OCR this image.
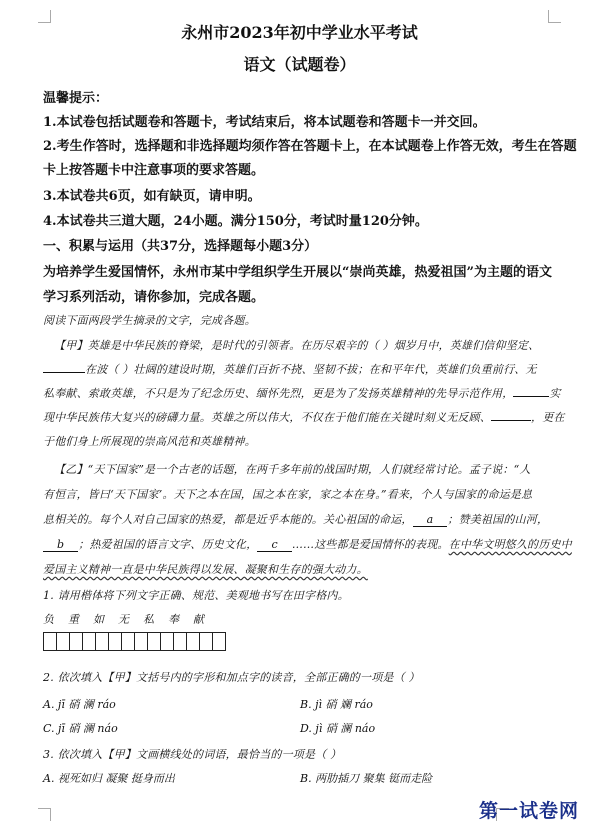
永州市2023年初中学业水平考试
语文（试题卷）
温馨提示：
1.本试卷包括试题卷和答题卡，考试结束后，将本试题卷和答题卡一并交回。
2.考生作答时，选择题和非选择题均须作答在答题卡上，在本试题卷上作答无效，考生在答题
卡上按答题卡中注意事项的要求答题。
3.本试卷共6页，如有缺页，请申明。
4.本试卷共三道大题，24小题。满分150分，考试时量120分钟。
一、积累与运用（共37分，选择题每小题3分）
为培养学生爱国情怀，永州市某中学组织学生开展以“崇尚英雄，热爱祖国”为主题的语文
学习系列活动，请你参加，完成各题。
阅读下面两段学生摘录的文字，完成各题。
【甲】英雄是中华民族的脊梁，是时代的引领者。在历尽艰辛的（ ）烟岁月中，英雄们信仰坚定、
在波（ ）壮阔的建设时期，英雄们百折不挠、坚韧不拔；在和平年代，英雄们负重前行、无
私奉献、索敢英雄，不只是为了纪念历史、缅怀先烈，更是为了发扬英雄精神的先导示范作用，	实
现中华民族伟大复兴的磅礴力量。英雄之所以伟大，不仅在于他们能在关键时刻义无反顾、	，更在
于他们身上所展现的崇高风范和英雄精神。
【乙】“天下国家”是一个古老的话题，在两千多年前的战国时期，人们就经常讨论。孟子说：“人
有恒言，皆曰‘天下国家’。天下之本在国，国之本在家，家之本在身。”看来，个人与国家的命运是息
息相关的。每个人对自己国家的热爱，都是近乎本能的。关心祖国的命运， a ；赞美祖国的山河，
b ；热爱祖国的语言文字、历史文化， c ……这些都是爱国情怀的表现。在中华文明悠久的历史中
爱国主义精神一直是中华民族得以发展、凝聚和生存的强大动力。
1. 请用楷体将下列文字正确、规范、美观地书写在田字格内。
负 重 如 无 私 奉 献
2. 依次填入【甲】文括号内的字形和加点字的读音，全部正确的一项是（ ）
A. jī 硝 澜 ráo	B. jì 硝 斓 ráo
C. jī 硝 澜 náo	D. jì 硝 澜 náo
3. 依次填入【甲】文画横线处的词语，最恰当的一项是（ ）
A. 视死如归 凝聚 挺身而出	B. 两肋插刀 聚集 铤而走险
第一试卷网
